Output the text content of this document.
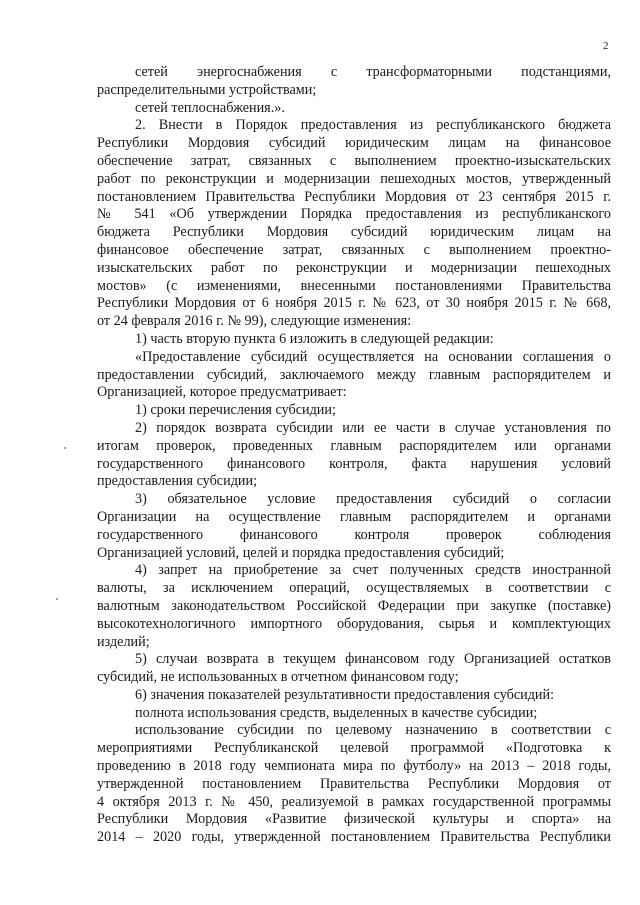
2
сетей энергоснабжения с трансформаторными подстанциями,
распределительными устройствами;
сетей теплоснабжения.».
2. Внести в Порядок предоставления из республиканского бюджета
Республики Мордовия субсидий юридическим лицам на финансовое
обеспечение затрат, связанных с выполнением проектно-изыскательских
работ по реконструкции и модернизации пешеходных мостов, утвержденный
постановлением Правительства Республики Мордовия от 23 сентября 2015 г.
№ 541 «Об утверждении Порядка предоставления из республиканского
бюджета Республики Мордовия субсидий юридическим лицам на
финансовое обеспечение затрат, связанных с выполнением проектно-
изыскательских работ по реконструкции и модернизации пешеходных
мостов» (с изменениями, внесенными постановлениями Правительства
Республики Мордовия от 6 ноября 2015 г. № 623, от 30 ноября 2015 г. № 668,
от 24 февраля 2016 г. № 99), следующие изменения:
1) часть вторую пункта 6 изложить в следующей редакции:
«Предоставление субсидий осуществляется на основании соглашения о
предоставлении субсидий, заключаемого между главным распорядителем и
Организацией, которое предусматривает:
1) сроки перечисления субсидии;
2) порядок возврата субсидии или ее части в случае установления по
итогам проверок, проведенных главным распорядителем или органами
государственного финансового контроля, факта нарушения условий
предоставления субсидии;
3) обязательное условие предоставления субсидий о согласии
Организации на осуществление главным распорядителем и органами
государственного финансового контроля проверок соблюдения
Организацией условий, целей и порядка предоставления субсидий;
4) запрет на приобретение за счет полученных средств иностранной
валюты, за исключением операций, осуществляемых в соответствии с
валютным законодательством Российской Федерации при закупке (поставке)
высокотехнологичного импортного оборудования, сырья и комплектующих
изделий;
5) случаи возврата в текущем финансовом году Организацией остатков
субсидий, не использованных в отчетном финансовом году;
6) значения показателей результативности предоставления субсидий:
полнота использования средств, выделенных в качестве субсидии;
использование субсидии по целевому назначению в соответствии с
мероприятиями Республиканской целевой программой «Подготовка к
проведению в 2018 году чемпионата мира по футболу» на 2013 – 2018 годы,
утвержденной постановлением Правительства Республики Мордовия от
4 октября 2013 г. № 450, реализуемой в рамках государственной программы
Республики Мордовия «Развитие физической культуры и спорта» на
2014 – 2020 годы, утвержденной постановлением Правительства Республики
